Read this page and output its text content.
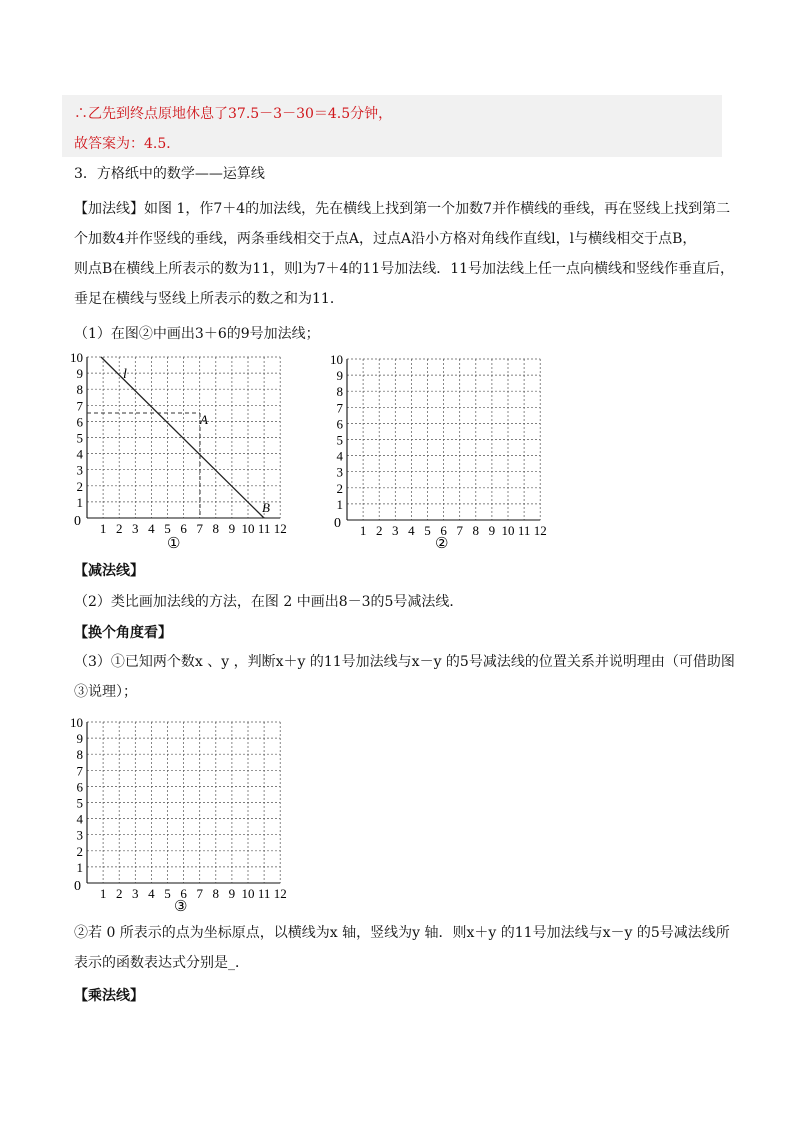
∴乙先到终点原地休息了37.5－3－30＝4.5分钟，
故答案为：4.5．
3．方格纸中的数学——运算线
【加法线】如图 1，作7＋4的加法线，先在横线上找到第一个加数7并作横线的垂线，再在竖线上找到第二
个加数4并作竖线的垂线，两条垂线相交于点A，过点A沿小方格对角线作直线l，l与横线相交于点B，
则点B在横线上所表示的数为11，则l为7＋4的11号加法线．11号加法线上任一点向横线和竖线作垂直后，
垂足在横线与竖线上所表示的数之和为11．
（1）在图②中画出3＋6的9号加法线；
1 2 3 4 5 6 7 8 9 10 11 12
1
2
3
4
5
6
7
8
9
10
l
A
B
0
①
1 2 3 4 5 6 7 8 9 10 11 12
1
2
3
4
5
6
7
8
9
10
0
②
【减法线】
（2）类比画加法线的方法，在图 2 中画出8－3的5号减法线．
【换个角度看】
（3）①已知两个数x 、y ，判断x＋y 的11号加法线与x－y 的5号减法线的位置关系并说明理由（可借助图
③说理）；
1 2 3 4 5 6 7 8 9 10 11 12
1
2
3
4
5
6
7
8
9
10
0
③
②若 0 所表示的点为坐标原点，以横线为x 轴，竖线为y 轴．则x＋y 的11号加法线与x－y 的5号减法线所
表示的函数表达式分别是_．
【乘法线】
